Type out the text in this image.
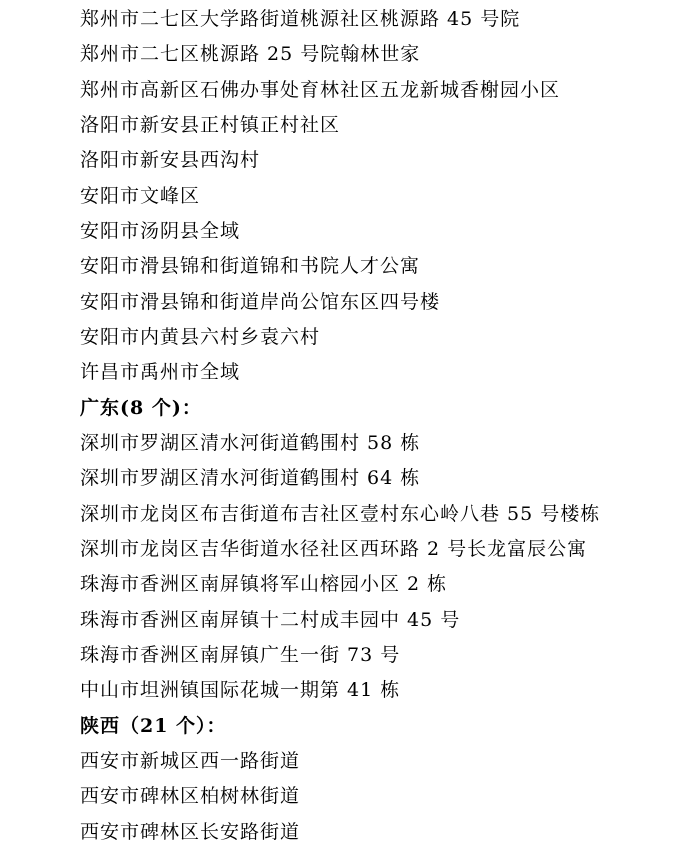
郑州市二七区大学路街道桃源社区桃源路 45 号院
郑州市二七区桃源路 25 号院翰林世家
郑州市高新区石佛办事处育林社区五龙新城香榭园小区
洛阳市新安县正村镇正村社区
洛阳市新安县西沟村
安阳市文峰区
安阳市汤阴县全域
安阳市滑县锦和街道锦和书院人才公寓
安阳市滑县锦和街道岸尚公馆东区四号楼
安阳市内黄县六村乡袁六村
许昌市禹州市全域
广东(8 个)：
深圳市罗湖区清水河街道鹤围村 58 栋
深圳市罗湖区清水河街道鹤围村 64 栋
深圳市龙岗区布吉街道布吉社区壹村东心岭八巷 55 号楼栋
深圳市龙岗区吉华街道水径社区西环路 2 号长龙富辰公寓
珠海市香洲区南屏镇将军山榕园小区 2 栋
珠海市香洲区南屏镇十二村成丰园中 45 号
珠海市香洲区南屏镇广生一街 73 号
中山市坦洲镇国际花城一期第 41 栋
陕西（21 个）：
西安市新城区西一路街道
西安市碑林区柏树林街道
西安市碑林区长安路街道
